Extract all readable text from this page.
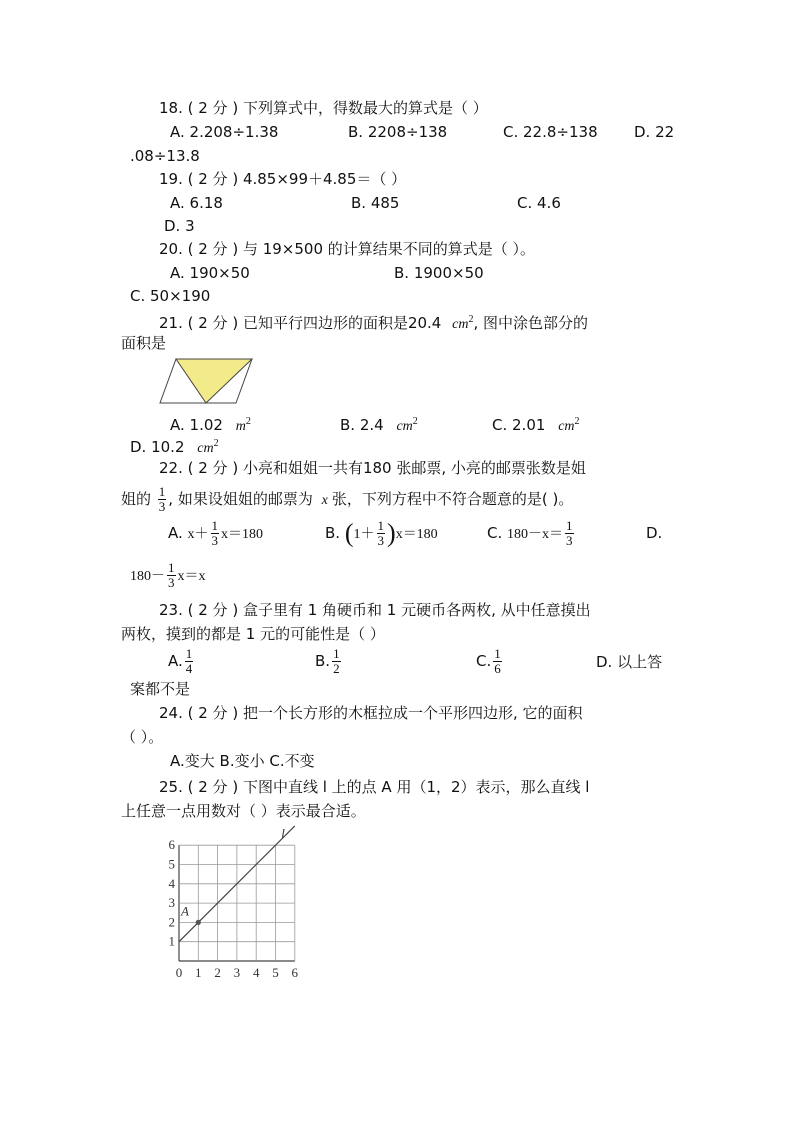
18. ( 2 分 ) 下列算式中，得数最大的算式是（ ）
A. 2.208÷1.38	B. 2208÷138	C. 22.8÷138 D. 22
.08÷13.8
19. ( 2 分 ) 4.85×99＋4.85＝（ ）
A. 6.18	B. 485	C. 4.6
D. 3
20. ( 2 分 ) 与 19×500 的计算结果不同的算式是（ ）。
A. 190×50	B. 1900×50
C. 50×190
21. ( 2 分 ) 已知平行四边形的面积是20.4 $cm^2$, 图中涂色部分的
面积是
A. 1.02 $m^2$	B. 2.4 $cm^2$	C. 2.01 $cm^2$
D. 10.2 $cm^2$
22. ( 2 分 ) 小亮和姐姐一共有180 张邮票, 小亮的邮票张数是姐
姐的 $\frac{1}{3}$ , 如果设姐姐的邮票为 x 张，下列方程中不符合题意的是( )。
A. $x+ \frac{1}{3} x=180$	B. $(1+ \frac{1}{3} )x=180$	C. $180-x= \frac{1}{3}$	D.
$180- \frac{1}{3} x=x$
23. ( 2 分 ) 盒子里有 1 角硬币和 1 元硬币各两枚, 从中任意摸出
两枚，摸到的都是 1 元的可能性是（ ）
A. $\frac{1}{4}$	B. $\frac{1}{2}$	C. $\frac{1}{6}$	D. 以上答
案都不是
24. ( 2 分 ) 把一个长方形的木框拉成一个平形四边形, 它的面积
（ ）。
A.变大 B.变小 C.不变
25. ( 2 分 ) 下图中直线 l 上的点 A 用（1，2）表示，那么直线 l
上任意一点用数对（ ）表示最合适。
l
A
0 1 2 3 4 5 6
1
2
3
4
5
6
